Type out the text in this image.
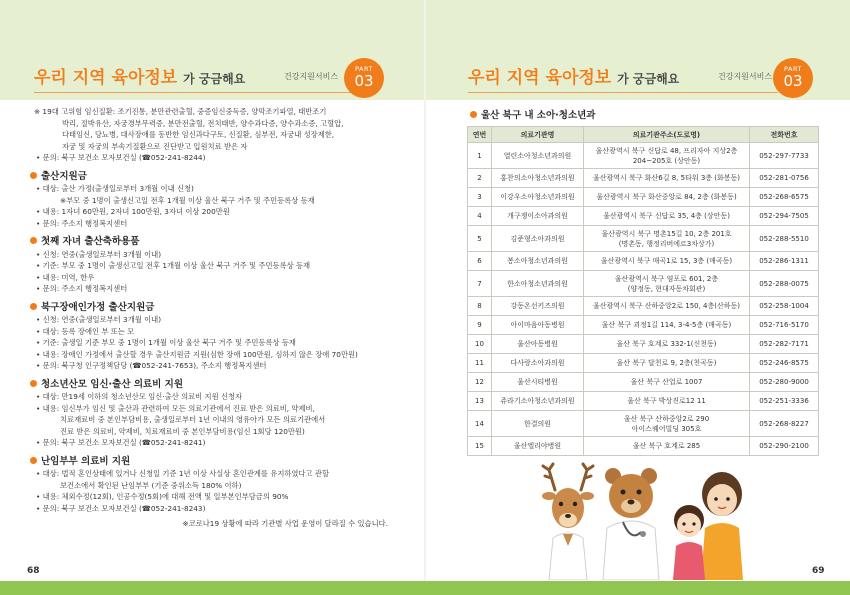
우리 지역 육아정보 가 궁금해요	건강지원서비스
PART
03	우리 지역 육아정보 가 궁금해요	건강지원서비스
PART
03
※ 19대 고위험 임신질환: 조기진통, 분만관련출혈, 중증임신중독증, 양막조기파열, 태반조기
박리, 절박유산, 자궁경부무력증, 분만전출혈, 전치태반, 양수과다증, 양수과소증, 고혈압,
다태임신, 당뇨병, 대사장애를 동반한 임신과다구토, 신질환, 심부전, 자궁내 성장제한,
자궁 및 자궁의 부속기질환으로 진단받고 입원치료 받은 자
• 문의: 북구 보건소 모자보건실 (☎052-241-8244)
출산지원금
• 대상: 출산 가정(출생일로부터 3개월 이내 신청)
※부모 중 1명이 출생신고일 전후 1개월 이상 울산 북구 거주 및 주민등록상 등재
• 내용: 1자녀 60만원, 2자녀 100만원, 3자녀 이상 200만원
• 문의: 주소지 행정복지센터
첫째 자녀 출산축하용품
• 신청: 연중(출생일로부터 3개월 이내)
• 기준: 부모 중 1명이 출생신고일 전후 1개월 이상 울산 북구 거주 및 주민등록상 등재
• 내용: 미역, 한우
• 문의: 주소지 행정복지센터
북구장애인가정 출산지원금
• 신청: 연중(출생일로부터 3개월 이내)
• 대상: 등록 장애인 부 또는 모
• 기준: 출생일 기준 부모 중 1명이 1개월 이상 울산 북구 거주 및 주민등록상 등재
• 내용: 장애인 가정에서 출산할 경우 출산지원금 지원(심한 장애 100만원, 심하지 않은 장애 70만원)
• 문의: 북구청 인구정책담당 (☎052-241-7653), 주소지 행정복지센터
청소년산모 임신·출산 의료비 지원
• 대상: 만19세 이하의 청소년산모 임신·출산 의료비 지원 신청자
• 내용: 임신부가 임신 및 출산과 관련하여 모든 의료기관에서 진료 받은 의료비, 약제비,
치료재료비 중 본인부담비용, 출생일로부터 1년 이내의 영유아가 모든 의료기관에서
진료 받은 의료비, 약제비, 치료재료비 중 본인부담비용(임신 1회당 120만원)
• 문의: 북구 보건소 모자보건실 (☎052-241-8241)
난임부부 의료비 지원
• 대상: 법적 혼인상태에 있거나 신청일 기준 1년 이상 사실상 혼인관계를 유지하였다고 관할
보건소에서 확인된 난임부부 (기준 중위소득 180% 이하)
• 내용: 체외수정(12회), 인공수정(5회)에 대해 전액 및 일부본인부담금의 90%
• 문의: 북구 보건소 모자보건실 (☎052-241-8243)
※코로나19 상황에 따라 기관별 사업 운영이 달라질 수 있습니다.
울산 북구 내 소아·청소년과
연번	의료기관명	의료기관주소(도로명)	전화번호
1	열린소아청소년과의원	울산광역시 북구 신답로 48, 프리자아 지상2층
204~205호 (상안동)	052-297-7733
2	홍찬의소아청소년과의원	울산광역시 북구 화산6길 8, 5타워 3층 (화봉동)	052-281-0756
3	이강우소아청소년과의원	울산광역시 북구 화산중앙로 84, 2층 (화봉동)	052-268-6575
4	개구쟁이소아과의원	울산광역시 북구 신답로 35, 4층 (상안동)	052-294-7505
5	김준형소아과의원	울산광역시 북구 명촌15길 10, 2층 201호
(명촌동, 행정리버에르3차상가)	052-288-5510
6	봉소아청소년과의원	울산광역시 북구 매곡1로 15, 3층 (매곡동)	052-286-1311
7	한소아청소년과의원	울산광역시 북구 염포로 601, 2층
(양정동, 현대자동차회관)	052-288-0075
8	강동온선키즈의원	울산광역시 북구 산하중앙2로 150, 4층(산하동)	052-258-1004
9	아이마음아동병원	울산 북구 괴정1길 114, 3-4-5층 (매곡동)	052-716-5170
10	울산아동병원	울산 북구 호계로 332-1(신천동)	052-282-7171
11	다사랑소아과의원	울산 북구 달천로 9, 2층(천곡동)	052-246-8575
12	울산시티병원	울산 북구 산업로 1007	052-280-9000
13	쥬라기소아청소년과의원	울산 북구 박상진로12 11	052-251-3336
14	한결의원	울산 북구 산하중앙2로 290
아이스퀘어빌딩 305호	052-268-8227
15	울산엘리야병원	울산 북구 호계로 285	052-290-2100
68	69
